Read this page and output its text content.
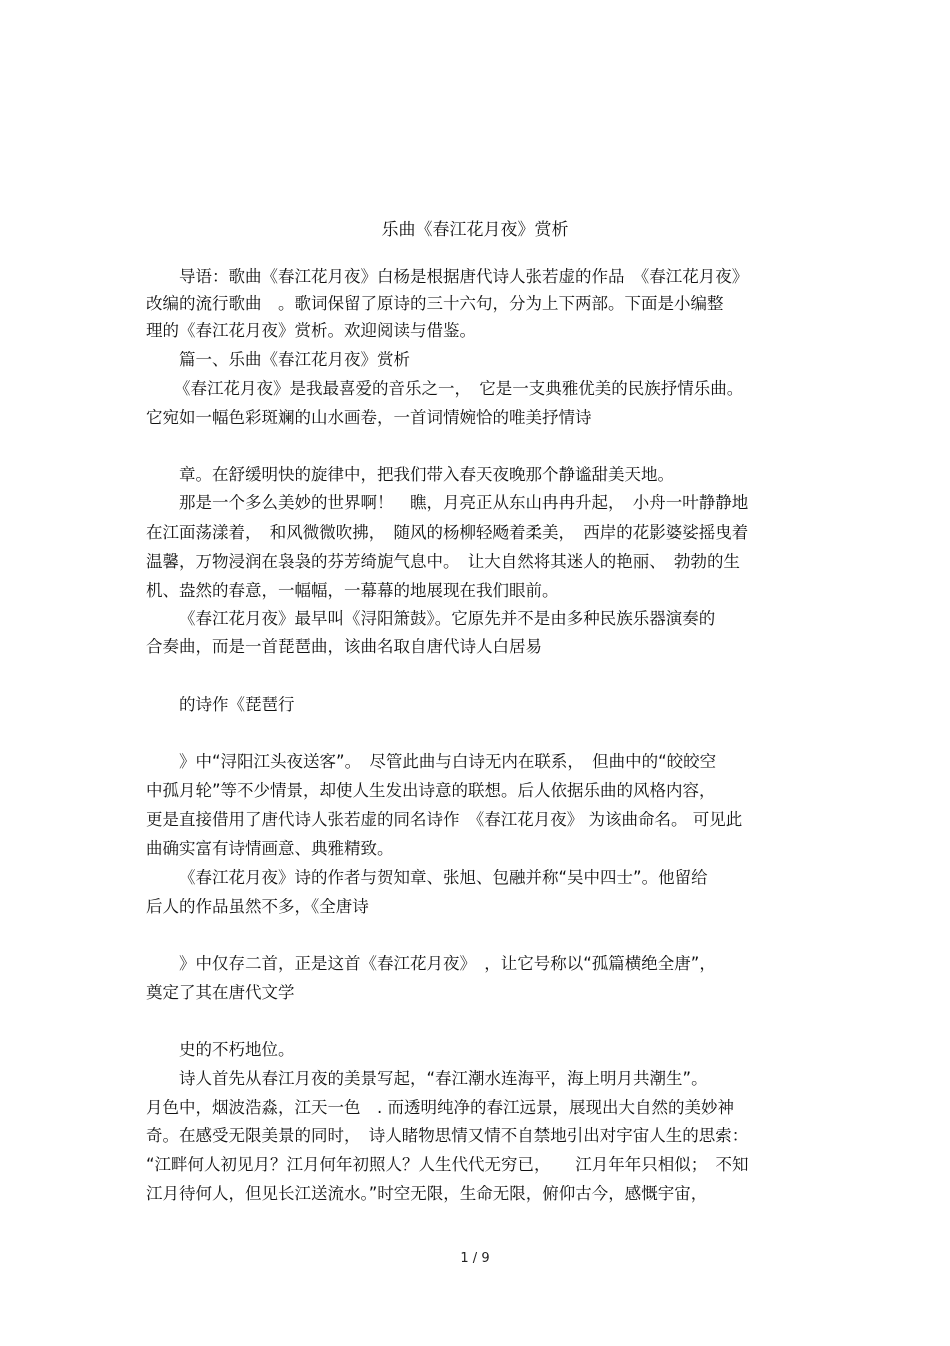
乐曲《春江花月夜》赏析
导语：歌曲《春江花月夜》白杨是根据唐代诗人张若虚的作品　《春江花月夜》
改编的流行歌曲　。歌词保留了原诗的三十六句，分为上下两部。下面是小编整
理的《春江花月夜》赏析。欢迎阅读与借鉴。
篇一、乐曲《春江花月夜》赏析
《春江花月夜》是我最喜爱的音乐之一，　它是一支典雅优美的民族抒情乐曲。
它宛如一幅色彩斑斓的山水画卷，一首词情婉恰的唯美抒情诗
章。在舒缓明快的旋律中，把我们带入春天夜晚那个静谧甜美天地。
那是一个多么美妙的世界啊！　瞧，月亮正从东山冉冉升起，　小舟一叶静静地
在江面荡漾着，　和风微微吹拂，　随风的杨柳轻飏着柔美，　西岸的花影婆娑摇曳着
温馨，万物浸润在袅袅的芬芳绮旎气息中。　让大自然将其迷人的艳丽、　勃勃的生
机、盎然的春意，一幅幅，一幕幕的地展现在我们眼前。
《春江花月夜》最早叫《浔阳箫鼓》。它原先并不是由多种民族乐器演奏的
合奏曲，而是一首琵琶曲，该曲名取自唐代诗人白居易
的诗作《琵琶行
》中“浔阳江头夜送客”。　尽管此曲与白诗无内在联系，　但曲中的“皎皎空
中孤月轮”等不少情景，却使人生发出诗意的联想。后人依据乐曲的风格内容，
更是直接借用了唐代诗人张若虚的同名诗作　《春江花月夜》 为该曲命名。 可见此
曲确实富有诗情画意、典雅精致。
《春江花月夜》诗的作者与贺知章、张旭、包融并称“吴中四士”。他留给
后人的作品虽然不多，《全唐诗
》中仅存二首，正是这首《春江花月夜》　，让它号称以“孤篇横绝全唐”，
奠定了其在唐代文学
史的不朽地位。
诗人首先从春江月夜的美景写起，“春江潮水连海平，海上明月共潮生”。
月色中，烟波浩淼，江天一色　. 而透明纯净的春江远景，展现出大自然的美妙神
奇。在感受无限美景的同时，　诗人睹物思情又情不自禁地引出对宇宙人生的思索：
“江畔何人初见月？江月何年初照人？人生代代无穷已，　　江月年年只相似；　不知
江月待何人，但见长江送流水。”时空无限，生命无限，俯仰古今，感慨宇宙，
1 / 9
